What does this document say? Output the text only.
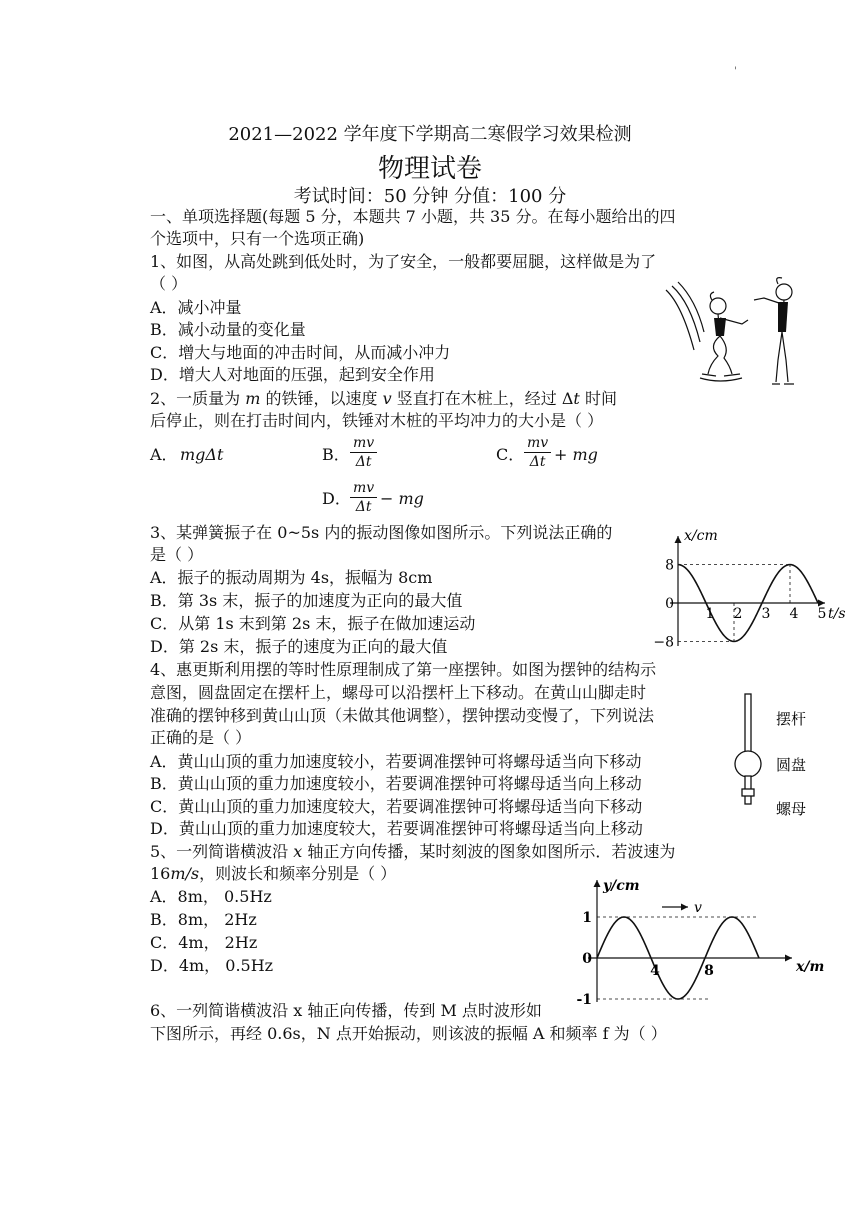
'
2021—2022 学年度下学期高二寒假学习效果检测
物理试卷
考试时间：50 分钟 分值：100 分
一、单项选择题(每题 5 分，本题共 7 小题，共 35 分。在每小题给出的四
个选项中，只有一个选项正确)
1、如图，从高处跳到低处时，为了安全，一般都要屈腿，这样做是为了
（ ）
A．减小冲量
B．减小动量的变化量
C．增大与地面的冲击时间，从而减小冲力
D．增大人对地面的压强，起到安全作用
2、一质量为 m 的铁锤，以速度 v 竖直打在木桩上，经过 Δt 时间
后停止，则在打击时间内，铁锤对木桩的平均冲力的大小是（ ）
A． mgΔt	B． $\frac{mv}{\Delta t}$	C． $\frac{mv}{\Delta t}$ + mg
D． $\frac{mv}{\Delta t}$ − mg
3、某弹簧振子在 0~5s 内的振动图像如图所示。下列说法正确的
是（ ）
A．振子的振动周期为 4s，振幅为 8cm
B．第 3s 末，振子的加速度为正向的最大值
C．从第 1s 末到第 2s 末，振子在做加速运动
D．第 2s 末，振子的速度为正向的最大值
x/cm
t/s
8
0
−8
1 2 3 4 5
4、惠更斯利用摆的等时性原理制成了第一座摆钟。如图为摆钟的结构示
意图，圆盘固定在摆杆上，螺母可以沿摆杆上下移动。在黄山山脚走时
准确的摆钟移到黄山山顶（未做其他调整），摆钟摆动变慢了，下列说法
正确的是（ ）
A．黄山山顶的重力加速度较小，若要调准摆钟可将螺母适当向下移动
B．黄山山顶的重力加速度较小，若要调准摆钟可将螺母适当向上移动
C．黄山山顶的重力加速度较大，若要调准摆钟可将螺母适当向下移动
D．黄山山顶的重力加速度较大，若要调准摆钟可将螺母适当向上移动
摆杆
圆盘
螺母
5、一列简谐横波沿 x 轴正方向传播，某时刻波的图象如图所示．若波速为
16m/s，则波长和频率分别是（ ）
A．8m， 0.5Hz
B．8m， 2Hz
C．4m， 2Hz
D．4m， 0.5Hz
y/cm
x/m
v
1
0
-1
4	8
6、一列简谐横波沿 x 轴正向传播，传到 M 点时波形如
下图所示，再经 0.6s，N 点开始振动，则该波的振幅 A 和频率 f 为（ ）
